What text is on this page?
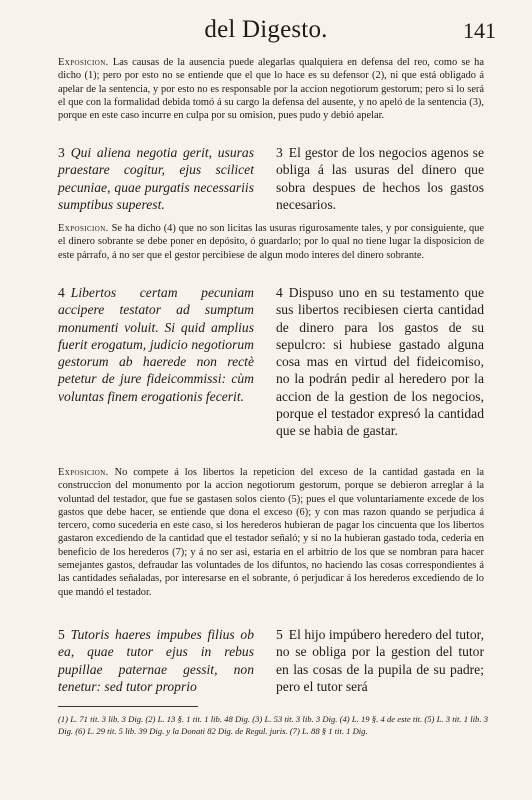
del Digesto.	141
Exposicion. Las causas de la ausencia puede alegarlas qualquiera en defensa del reo, como se ha dicho (1); pero por esto no se entiende que el que lo hace es su defensor (2), ni que está obligado á apelar de la sentencia, y por esto no es responsable por la accion negotiorum gestorum; pero si lo será el que con la formalidad debida tomó á su cargo la defensa del ausente, y no apeló de la sentencia (3), porque en este caso incurre en culpa por su omision, pues pudo y debió apelar.
3 Qui aliena negotia gerit, usuras praestare cogitur, ejus scilicet pecuniae, quae purgatis necessariis sumptibus superest.
3 El gestor de los negocios agenos se obliga á las usuras del dinero que sobra despues de hechos los gastos necesarios.
Exposicion. Se ha dicho (4) que no son licitas las usuras rigurosamente tales, y por consiguiente, que el dinero sobrante se debe poner en depósito, ó guardarlo; por lo qual no tiene lugar la disposicion de este párrafo, á no ser que el gestor percibiese de algun modo interes del dinero sobrante.
4 Libertos certam pecuniam accipere testator ad sumptum monumenti voluit. Si quid amplius fuerit erogatum, judicio negotiorum gestorum ab haerede non rectè petetur de jure fideicommissi: cùm voluntas finem erogationis fecerit.
4 Dispuso uno en su testamento que sus libertos recibiesen cierta cantidad de dinero para los gastos de su sepulcro: si hubiese gastado alguna cosa mas en virtud del fideicomiso, no la podrán pedir al heredero por la accion de la gestion de los negocios, porque el testador expresó la cantidad que se habia de gastar.
Exposicion. No compete á los libertos la repeticion del exceso de la cantidad gastada en la construccion del monumento por la accion negotiorum gestorum, porque se debieron arreglar á la voluntad del testador, que fue se gastasen solos ciento (5); pues el que voluntariamente excede de los gastos que debe hacer, se entiende que dona el exceso (6); y con mas razon quando se perjudica á tercero, como sucederia en este caso, si los herederos hubieran de pagar los cincuenta que los libertos gastaron excediendo de la cantidad que el testador señaló; y si no la hubieran gastado toda, cederia en beneficio de los herederos (7); y á no ser asi, estaria en el arbitrio de los que se nombran para hacer semejantes gastos, defraudar las voluntades de los difuntos, no haciendo las cosas correspondientes á las cantidades señaladas, por interesarse en el sobrante, ó perjudicar á los herederos excediendo de lo que mandó el testador.
5 Tutoris haeres impubes filius ob ea, quae tutor ejus in rebus pupillae paternae gessit, non tenetur: sed tutor proprio
5 El hijo impúbero heredero del tutor, no se obliga por la gestion del tutor en las cosas de la pupila de su padre; pero el tutor será
(1) L. 71 tit. 3 lib. 3 Dig. (2) L. 13 §. 1 tit. 1 lib. 48 Dig. (3) L. 53 tit. 3 lib. 3 Dig. (4) L. 19 §. 4 de este tit. (5) L. 3 tit. 1 lib. 3 Dig. (6) L. 29 tit. 5 lib. 39 Dig. y la Donati 82 Dig. de Regul. juris. (7) L. 88 § 1 tit. 1 Dig.
